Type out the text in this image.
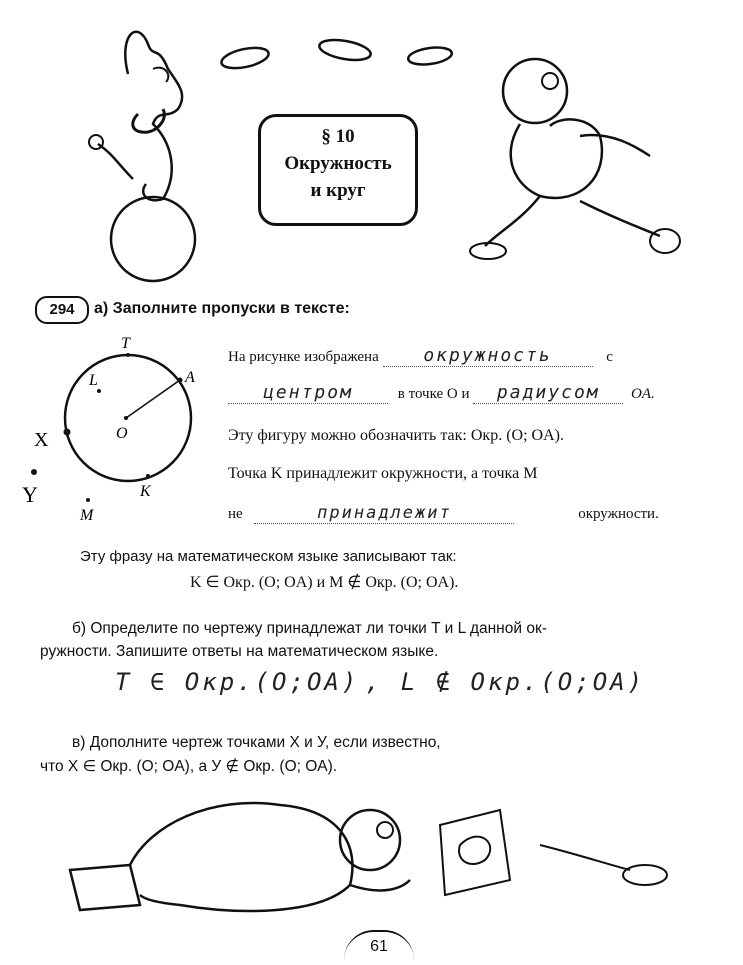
§ 10
Окружность
и круг
294	а) Заполните пропуски в тексте:
T
L	A
O
K
M
X
Y
На рисунке изображена окружность	с
центром	в точке O и радиусом OA.
Эту фигуру можно обозначить так: Окр. (O; OA).
Точка K принадлежит окружности, а точка M
не	принадлежит	окружности.
Эту фразу на математическом языке записывают так:
K ∈ Окр. (O; OA) и M ∉ Окр. (O; OA).
б) Определите по чертежу принадлежат ли точки T и L данной ок-
ружности. Запишите ответы на математическом языке.
T ∈ Окр.(O;OA) , L ∉ Окр.(O;OA)
в) Дополните чертеж точками X и У, если известно,
что X ∈ Окр. (O; OA), а У ∉ Окр. (O; OA).
61
